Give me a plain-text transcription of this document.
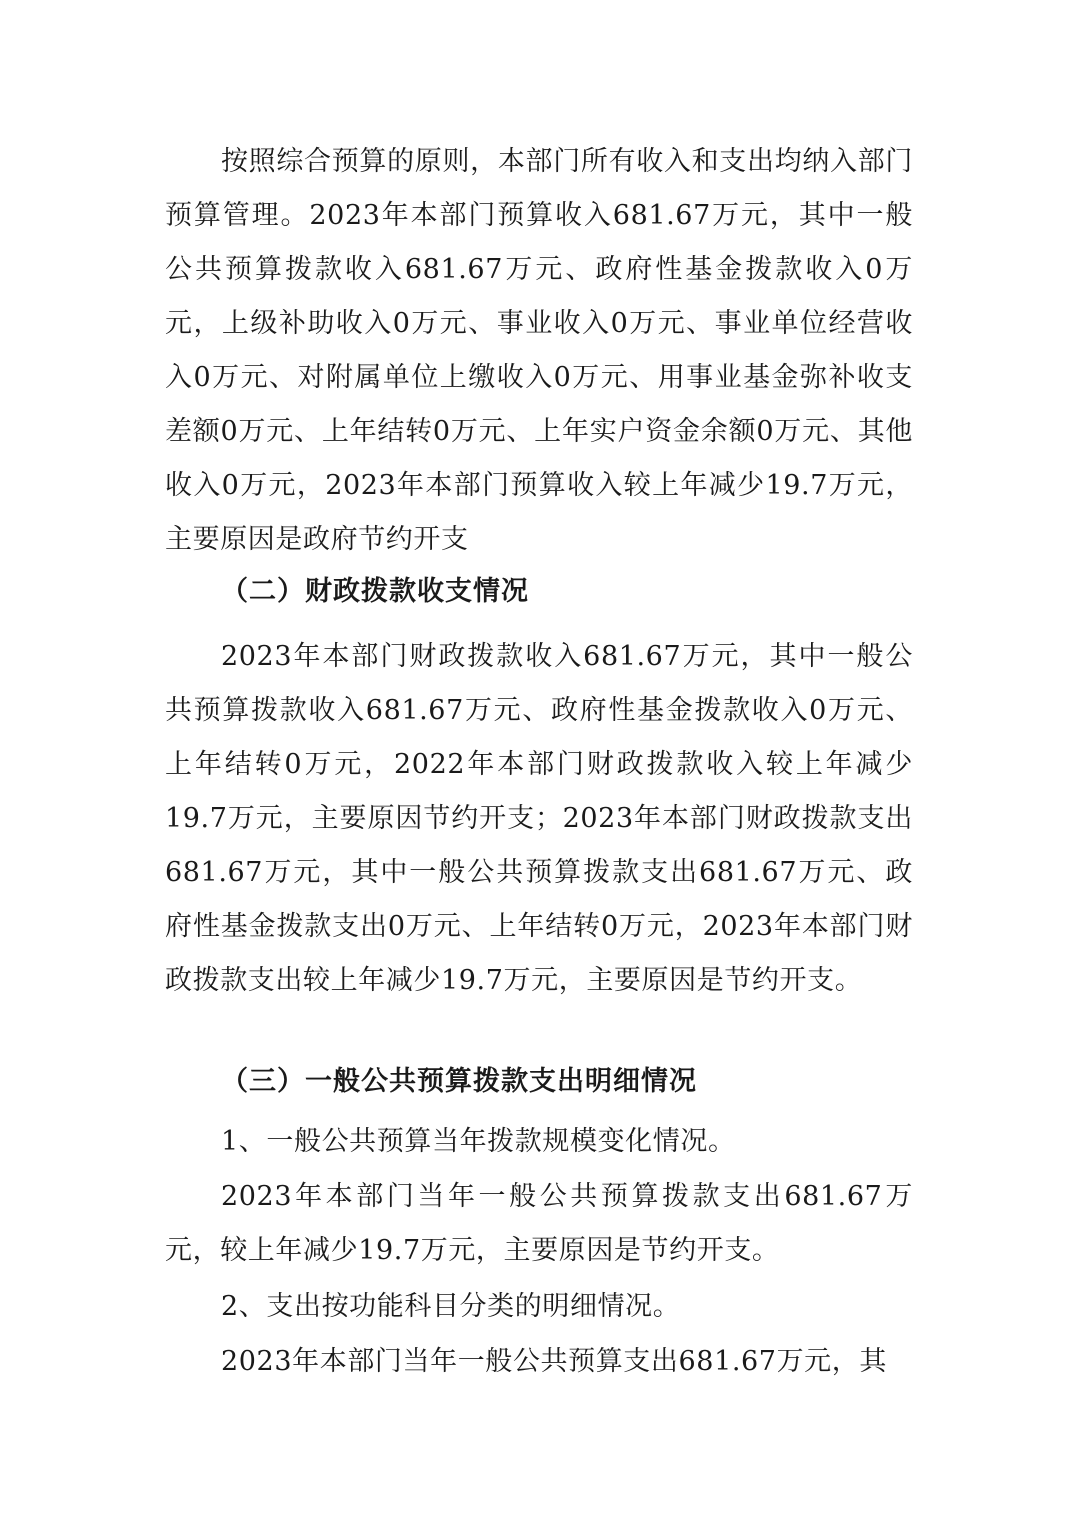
按照综合预算的原则，本部门所有收入和支出均纳入部门预算管理。2023年本部门预算收入681.67万元，其中一般公共预算拨款收入681.67万元、政府性基金拨款收入0万元，上级补助收入0万元、事业收入0万元、事业单位经营收入0万元、对附属单位上缴收入0万元、用事业基金弥补收支差额0万元、上年结转0万元、上年实户资金余额0万元、其他收入0万元，2023年本部门预算收入较上年减少19.7万元，主要原因是政府节约开支

（二）财政拨款收支情况

2023年本部门财政拨款收入681.67万元，其中一般公共预算拨款收入681.67万元、政府性基金拨款收入0万元、上年结转0万元，2022年本部门财政拨款收入较上年减少19.7万元，主要原因节约开支；2023年本部门财政拨款支出681.67万元，其中一般公共预算拨款支出681.67万元、政府性基金拨款支出0万元、上年结转0万元，2023年本部门财政拨款支出较上年减少19.7万元，主要原因是节约开支。

（三）一般公共预算拨款支出明细情况

1、一般公共预算当年拨款规模变化情况。

2023年本部门当年一般公共预算拨款支出681.67万元，较上年减少19.7万元，主要原因是节约开支。

2、支出按功能科目分类的明细情况。

2023年本部门当年一般公共预算支出681.67万元，其
